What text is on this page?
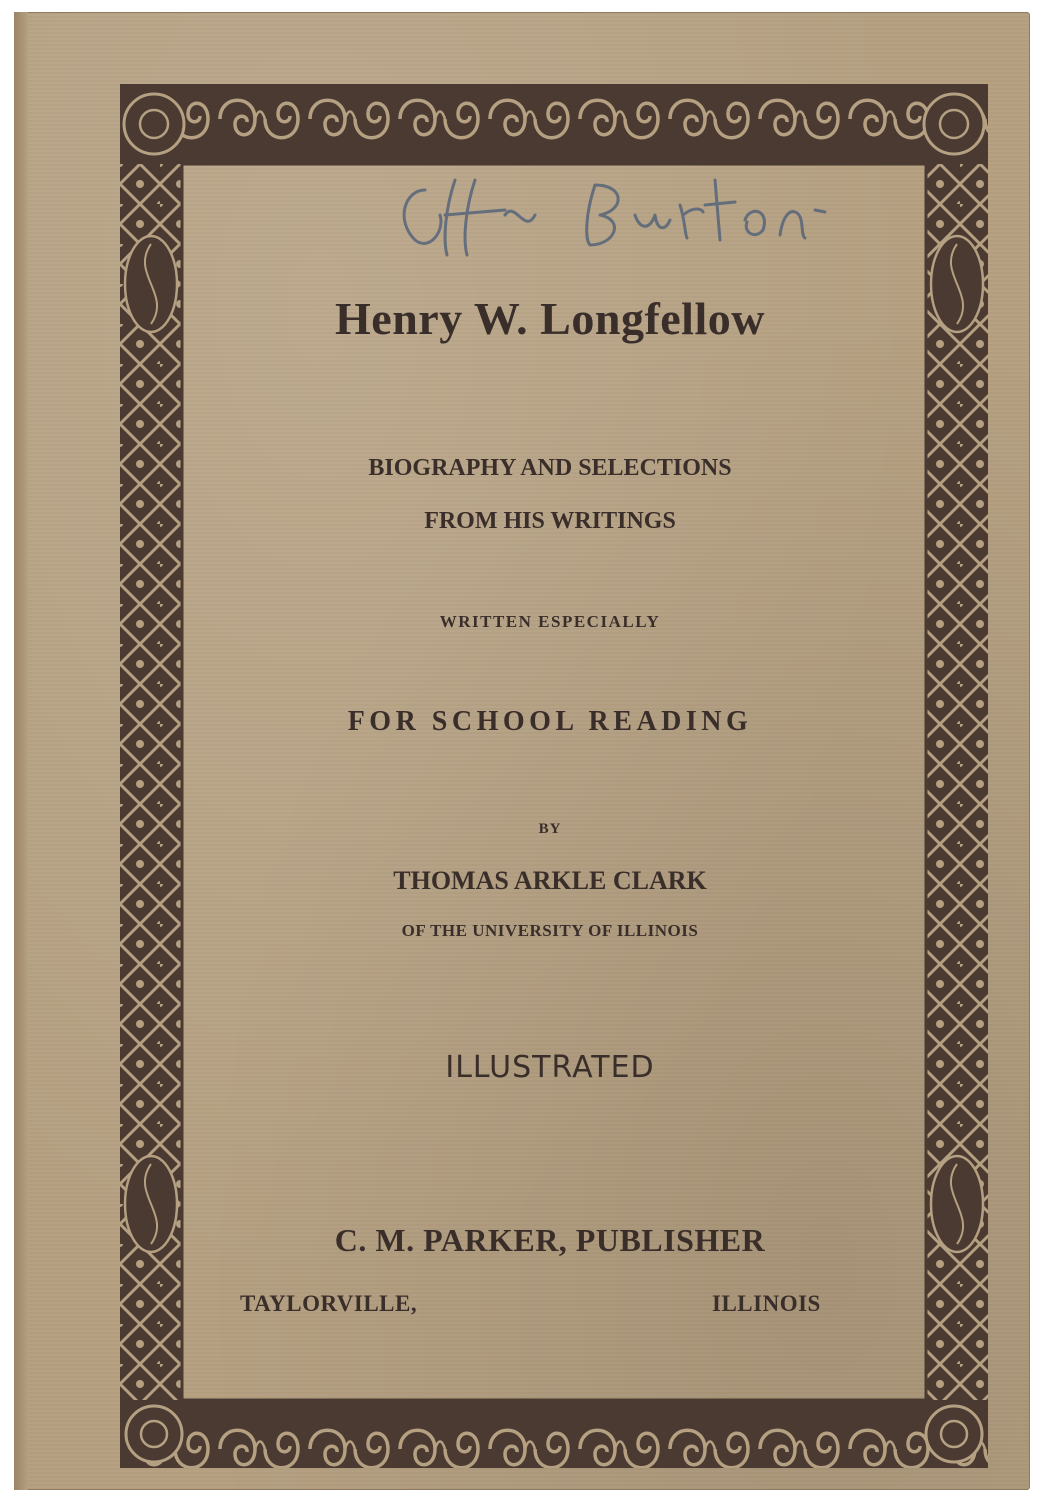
Henry W. Longfellow
BIOGRAPHY AND SELECTIONS
FROM HIS WRITINGS
WRITTEN ESPECIALLY
FOR SCHOOL READING
BY
THOMAS ARKLE CLARK
OF THE UNIVERSITY OF ILLINOIS
ILLUSTRATED
C. M. PARKER, PUBLISHER
TAYLORVILLE,	ILLINOIS
